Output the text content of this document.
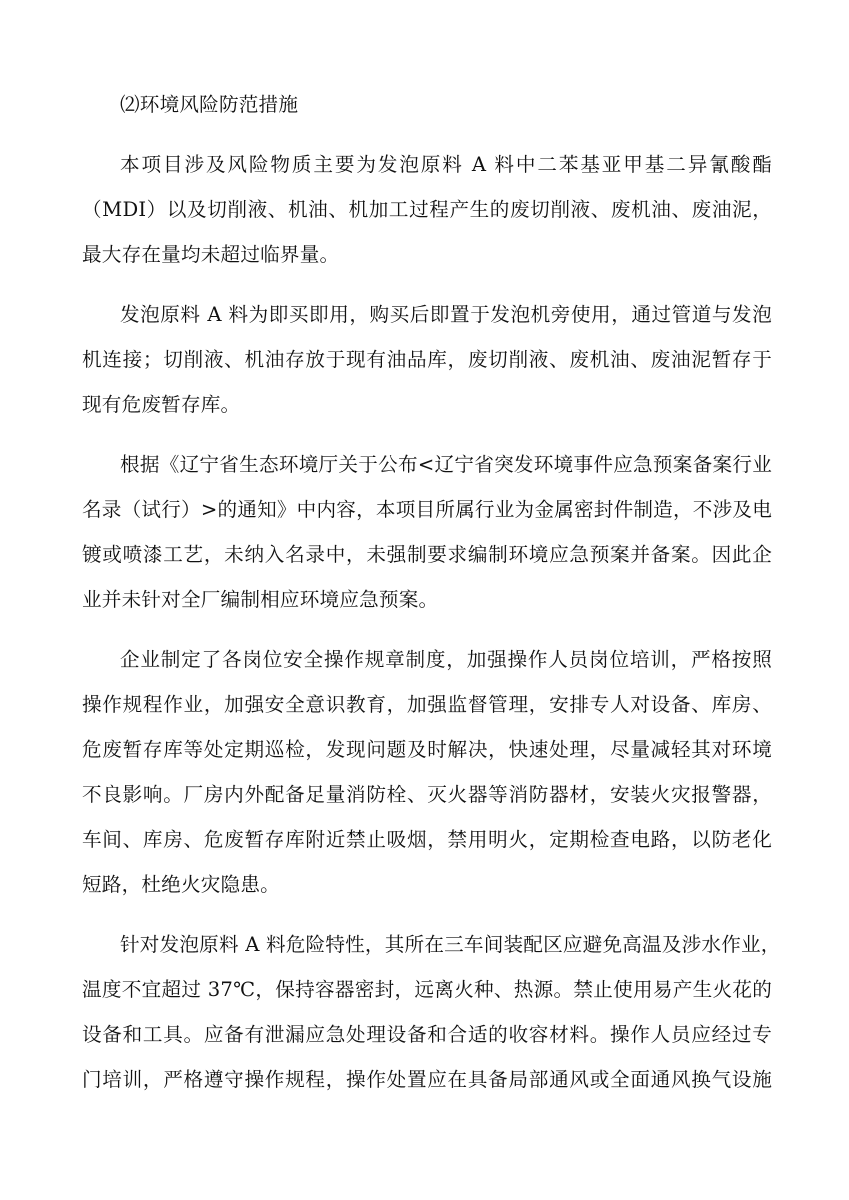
⑵环境风险防范措施
本项目涉及风险物质主要为发泡原料 A 料中二苯基亚甲基二异氰酸酯
（MDI）以及切削液、机油、机加工过程产生的废切削液、废机油、废油泥，
最大存在量均未超过临界量。
发泡原料 A 料为即买即用，购买后即置于发泡机旁使用，通过管道与发泡
机连接；切削液、机油存放于现有油品库，废切削液、废机油、废油泥暂存于
现有危废暂存库。
根据《辽宁省生态环境厅关于公布<辽宁省突发环境事件应急预案备案行业
名录（试行）>的通知》中内容，本项目所属行业为金属密封件制造，不涉及电
镀或喷漆工艺，未纳入名录中，未强制要求编制环境应急预案并备案。因此企
业并未针对全厂编制相应环境应急预案。
企业制定了各岗位安全操作规章制度，加强操作人员岗位培训，严格按照
操作规程作业，加强安全意识教育，加强监督管理，安排专人对设备、库房、
危废暂存库等处定期巡检，发现问题及时解决，快速处理，尽量减轻其对环境
不良影响。厂房内外配备足量消防栓、灭火器等消防器材，安装火灾报警器，
车间、库房、危废暂存库附近禁止吸烟，禁用明火，定期检查电路，以防老化
短路，杜绝火灾隐患。
针对发泡原料 A 料危险特性，其所在三车间装配区应避免高温及涉水作业，
温度不宜超过 37℃，保持容器密封，远离火种、热源。禁止使用易产生火花的
设备和工具。应备有泄漏应急处理设备和合适的收容材料。操作人员应经过专
门培训，严格遵守操作规程，操作处置应在具备局部通风或全面通风换气设施
